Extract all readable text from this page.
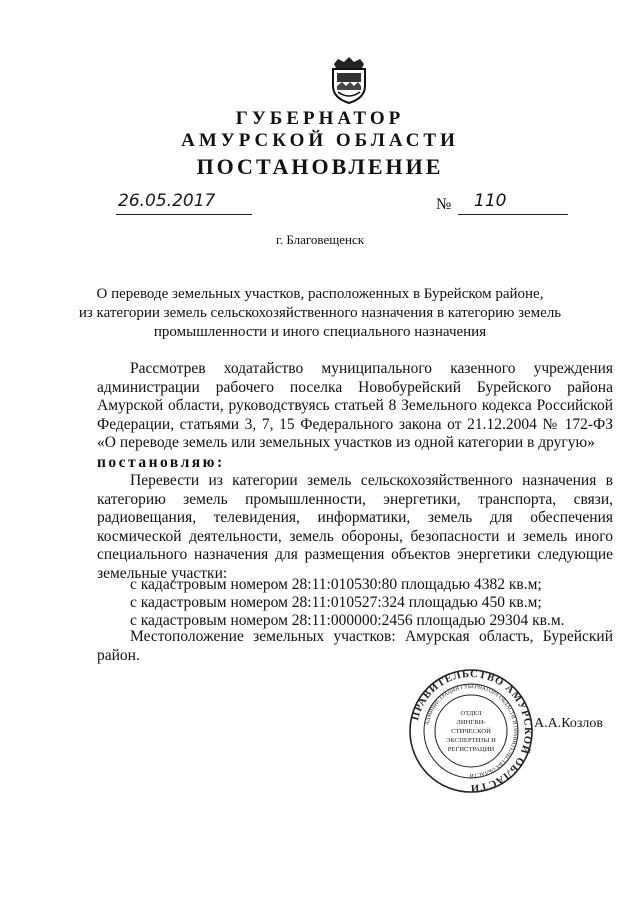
ГУБЕРНАТОР
АМУРСКОЙ ОБЛАСТИ
ПОСТАНОВЛЕНИЕ
26.05.2017	№ 110
г. Благовещенск
О переводе земельных участков, расположенных в Бурейском районе,
из категории земель сельскохозяйственного назначения в категорию земель
промышленности и иного специального назначения
Рассмотрев ходатайство муниципального казенного учреждения администрации рабочего поселка Новобурейский Бурейского района Амурской области, руководствуясь статьей 8 Земельного кодекса Российской Федерации, статьями 3, 7, 15 Федерального закона от 21.12.2004 № 172-ФЗ «О переводе земель или земельных участков из одной категории в другую»
постановляю:
Перевести из категории земель сельскохозяйственного назначения в категорию земель промышленности, энергетики, транспорта, связи, радиовещания, телевидения, информатики, земель для обеспечения космической деятельности, земель обороны, безопасности и земель иного специального назначения для размещения объектов энергетики следующие земельные участки:
с кадастровым номером 28:11:010530:80 площадью 4382 кв.м;
с кадастровым номером 28:11:010527:324 площадью 450 кв.м;
с кадастровым номером 28:11:000000:2456 площадью 29304 кв.м.
Местоположение земельных участков: Амурская область, Бурейский район.
ПРАВИТЕЛЬСТВО АМУРСКОЙ ОБЛАСТИ
АДМИНИСТРАЦИЯ ГУБЕРНАТОРА ОБЛАСТИ И ПРАВИТЕЛЬСТВА ОБЛАСТИ
ОТДЕЛ
ЛИНГВИ-
СТИЧЕСКОЙ
ЭКСПЕРТИЗЫ И
РЕГИСТРАЦИИ
А.А.Козлов
